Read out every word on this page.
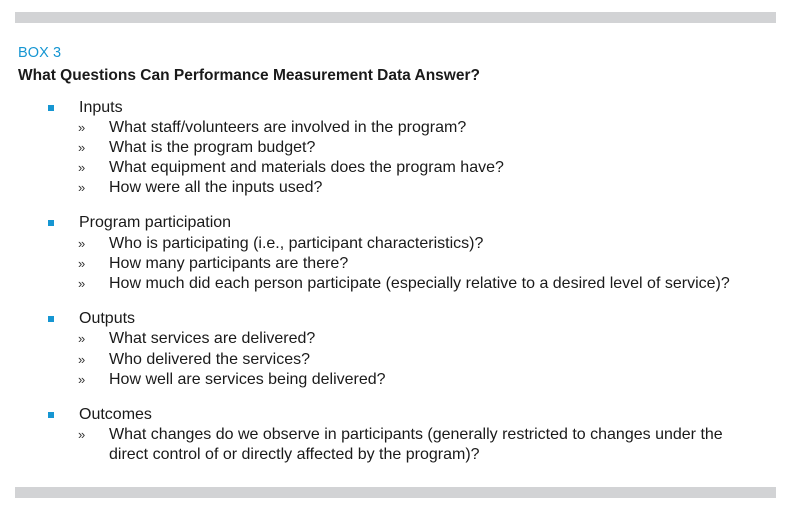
BOX 3
What Questions Can Performance Measurement Data Answer?
Inputs
» What staff/volunteers are involved in the program?
» What is the program budget?
» What equipment and materials does the program have?
» How were all the inputs used?
Program participation
» Who is participating (i.e., participant characteristics)?
» How many participants are there?
» How much did each person participate (especially relative to a desired level of service)?
Outputs
» What services are delivered?
» Who delivered the services?
» How well are services being delivered?
Outcomes
» What changes do we observe in participants (generally restricted to changes under the direct control of or directly affected by the program)?
